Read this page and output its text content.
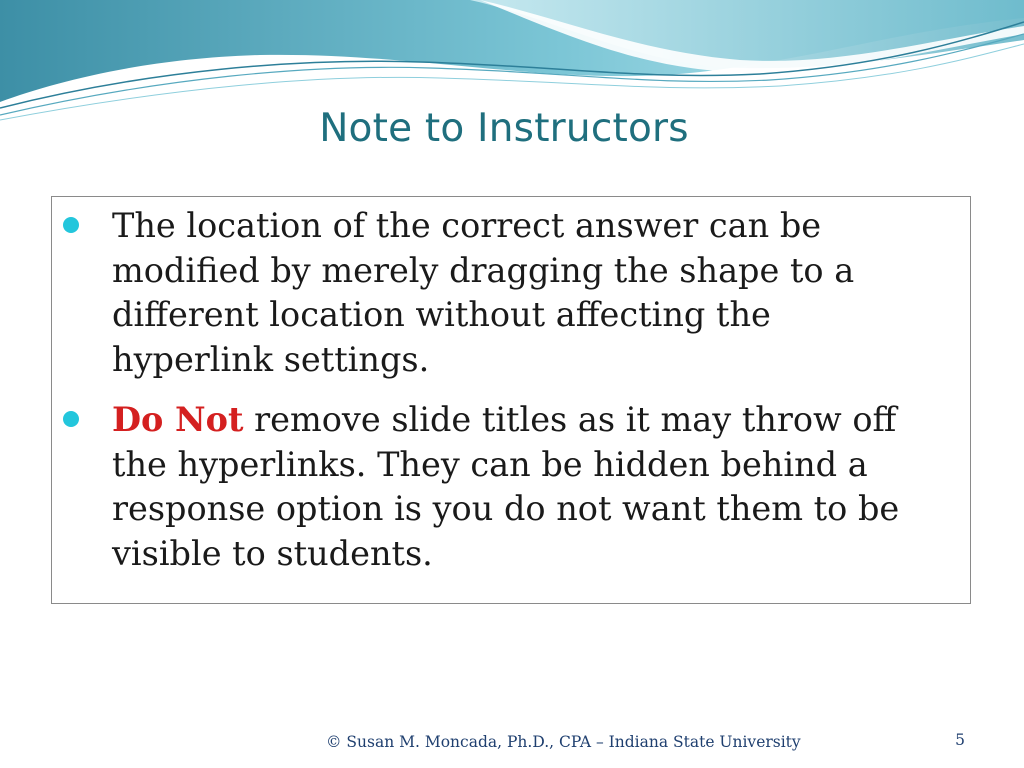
Note to Instructors
The location of the correct answer can be modified by merely dragging the shape to a different location without affecting the hyperlink settings.
Do Not remove slide titles as it may throw off the hyperlinks. They can be hidden behind a response option is you do not want them to be visible to students.
© Susan M. Moncada, Ph.D., CPA – Indiana State University	5
